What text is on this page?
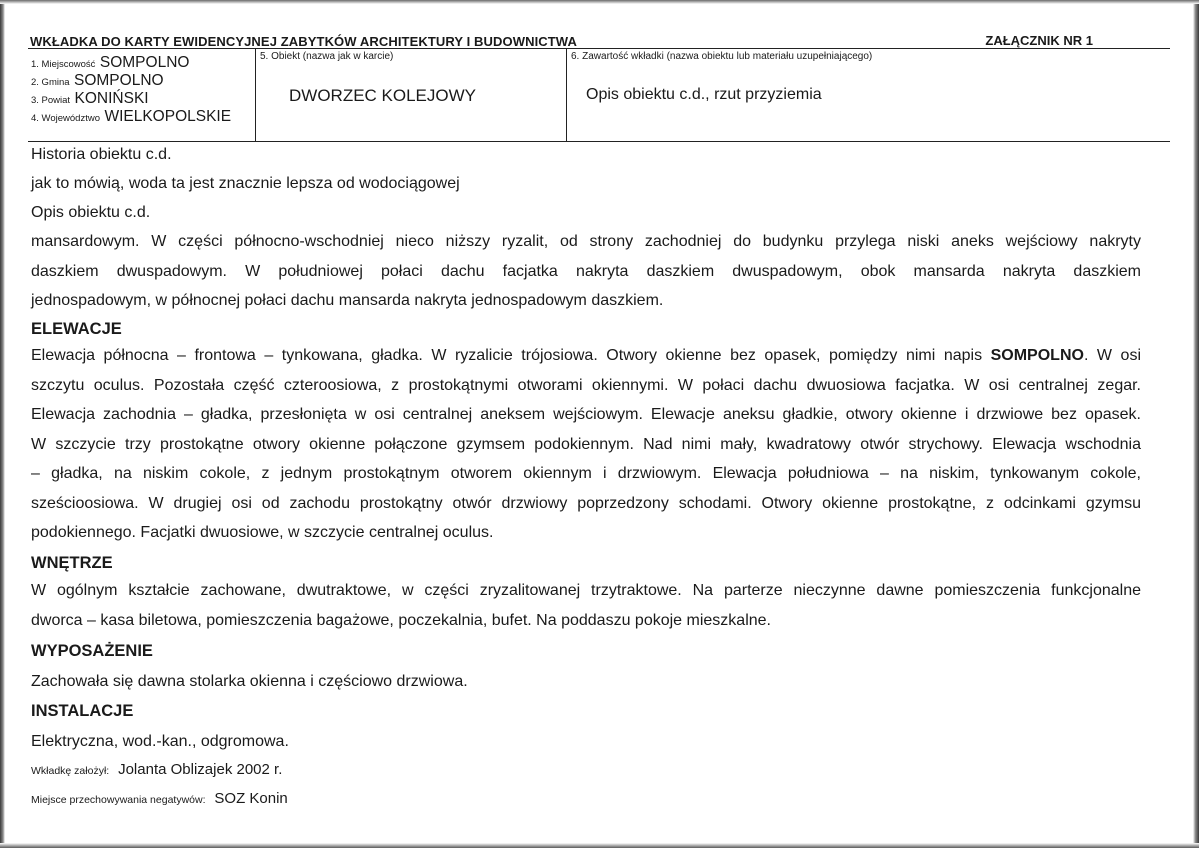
WKŁADKA DO KARTY EWIDENCYJNEJ ZABYTKÓW ARCHITEKTURY I BUDOWNICTWA	ZAŁĄCZNIK NR 1
1. Miejscowość SOMPOLNO
2. Gmina SOMPOLNO
3. Powiat KONIŃSKI
4. Województwo WIELKOPOLSKIE
5. Obiekt (nazwa jak w karcie)
DWORZEC KOLEJOWY
6. Zawartość wkładki (nazwa obiektu lub materiału uzupełniającego)
Opis obiektu c.d., rzut przyziemia
Historia obiektu c.d.
jak to mówią, woda ta jest znacznie lepsza od wodociągowej
Opis obiektu c.d.
mansardowym. W części północno-wschodniej nieco niższy ryzalit, od strony zachodniej do budynku przylega niski aneks wejściowy nakryty
daszkiem dwuspadowym. W południowej połaci dachu facjatka nakryta daszkiem dwuspadowym, obok mansarda nakryta daszkiem
jednospadowym, w północnej połaci dachu mansarda nakryta jednospadowym daszkiem.
ELEWACJE
Elewacja północna – frontowa – tynkowana, gładka. W ryzalicie trójosiowa. Otwory okienne bez opasek, pomiędzy nimi napis SOMPOLNO. W osi
szczytu oculus. Pozostała część czteroosiowa, z prostokątnymi otworami okiennymi. W połaci dachu dwuosiowa facjatka. W osi centralnej zegar.
Elewacja zachodnia – gładka, przesłonięta w osi centralnej aneksem wejściowym. Elewacje aneksu gładkie, otwory okienne i drzwiowe bez opasek.
W szczycie trzy prostokątne otwory okienne połączone gzymsem podokiennym. Nad nimi mały, kwadratowy otwór strychowy. Elewacja wschodnia
– gładka, na niskim cokole, z jednym prostokątnym otworem okiennym i drzwiowym. Elewacja południowa – na niskim, tynkowanym cokole,
sześcioosiowa. W drugiej osi od zachodu prostokątny otwór drzwiowy poprzedzony schodami. Otwory okienne prostokątne, z odcinkami gzymsu
podokiennego. Facjatki dwuosiowe, w szczycie centralnej oculus.
WNĘTRZE
W ogólnym kształcie zachowane, dwutraktowe, w części zryzalitowanej trzytraktowe. Na parterze nieczynne dawne pomieszczenia funkcjonalne
dworca – kasa biletowa, pomieszczenia bagażowe, poczekalnia, bufet. Na poddaszu pokoje mieszkalne.
WYPOSAŻENIE
Zachowała się dawna stolarka okienna i częściowo drzwiowa.
INSTALACJE
Elektryczna, wod.-kan., odgromowa.
Wkładkę założył: Jolanta Oblizajek 2002 r.
Miejsce przechowywania negatywów: SOZ Konin
